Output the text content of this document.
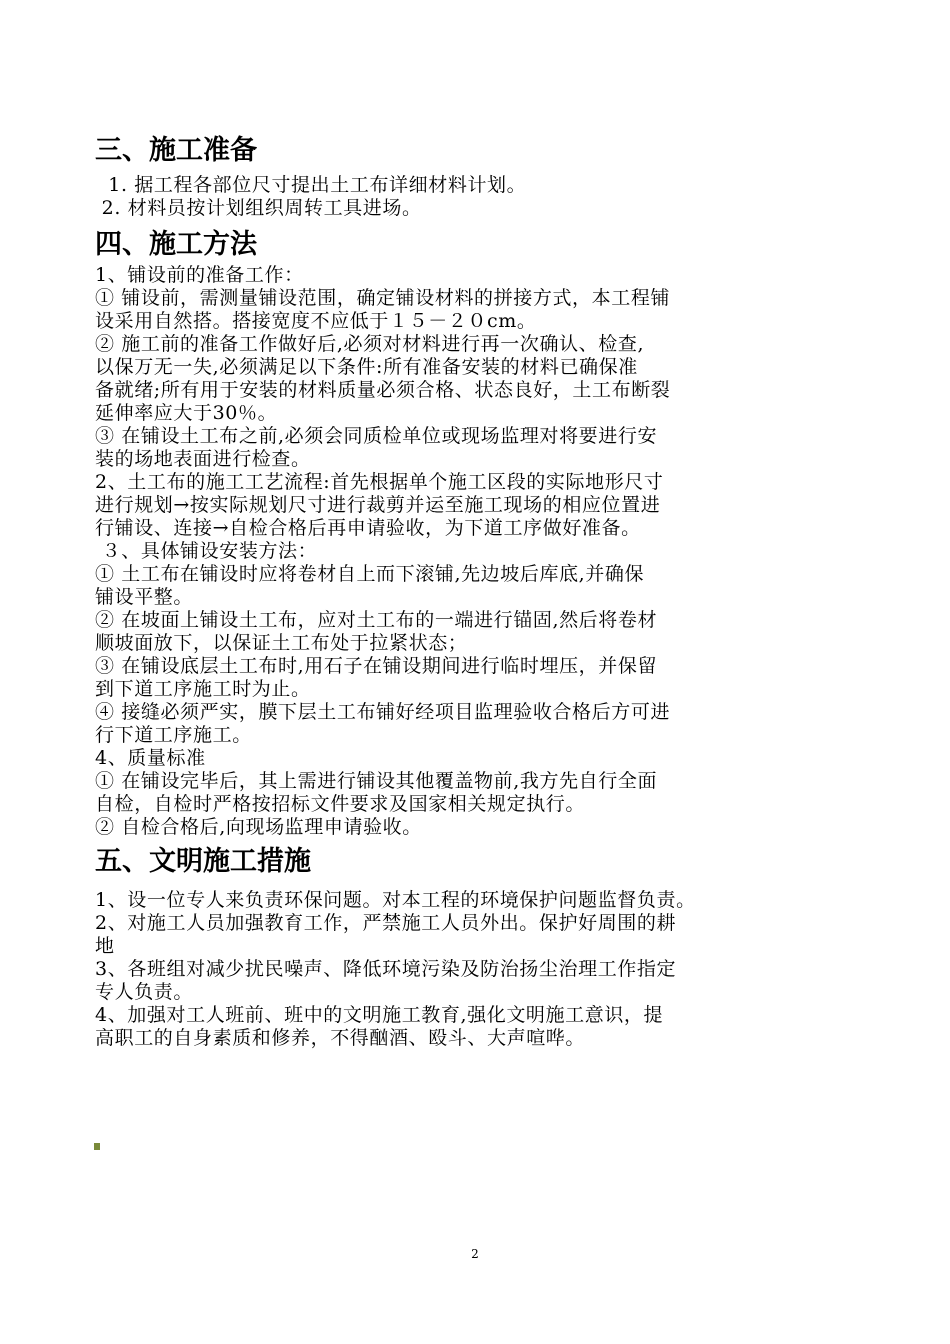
三、施工准备
1. 据工程各部位尺寸提出土工布详细材料计划。
2. 材料员按计划组织周转工具进场。
四、施工方法
1、铺设前的准备工作：
① 铺设前，需测量铺设范围，确定铺设材料的拼接方式，本工程铺
设采用自然搭。搭接宽度不应低于１５－２０cm。
② 施工前的准备工作做好后,必须对材料进行再一次确认、检查,
以保万无一失,必须满足以下条件:所有准备安装的材料已确保准
备就绪;所有用于安装的材料质量必须合格、状态良好，土工布断裂
延伸率应大于30％。
③ 在铺设土工布之前,必须会同质检单位或现场监理对将要进行安
装的场地表面进行检查。
2、土工布的施工工艺流程:首先根据单个施工区段的实际地形尺寸
进行规划→按实际规划尺寸进行裁剪并运至施工现场的相应位置进
行铺设、连接→自检合格后再申请验收，为下道工序做好准备。
３、具体铺设安装方法：
① 土工布在铺设时应将卷材自上而下滚铺,先边坡后库底,并确保
铺设平整。
② 在坡面上铺设土工布，应对土工布的一端进行锚固,然后将卷材
顺坡面放下，以保证土工布处于拉紧状态；
③ 在铺设底层土工布时,用石子在铺设期间进行临时埋压，并保留
到下道工序施工时为止。
④ 接缝必须严实，膜下层土工布铺好经项目监理验收合格后方可进
行下道工序施工。
4、质量标准
① 在铺设完毕后，其上需进行铺设其他覆盖物前,我方先自行全面
自检，自检时严格按招标文件要求及国家相关规定执行。
② 自检合格后,向现场监理申请验收。
五、文明施工措施
1、设一位专人来负责环保问题。对本工程的环境保护问题监督负责。
2、对施工人员加强教育工作，严禁施工人员外出。保护好周围的耕
地
3、各班组对减少扰民噪声、降低环境污染及防治扬尘治理工作指定
专人负责。
4、加强对工人班前、班中的文明施工教育,强化文明施工意识，提
高职工的自身素质和修养，不得酗酒、殴斗、大声喧哗。
2
